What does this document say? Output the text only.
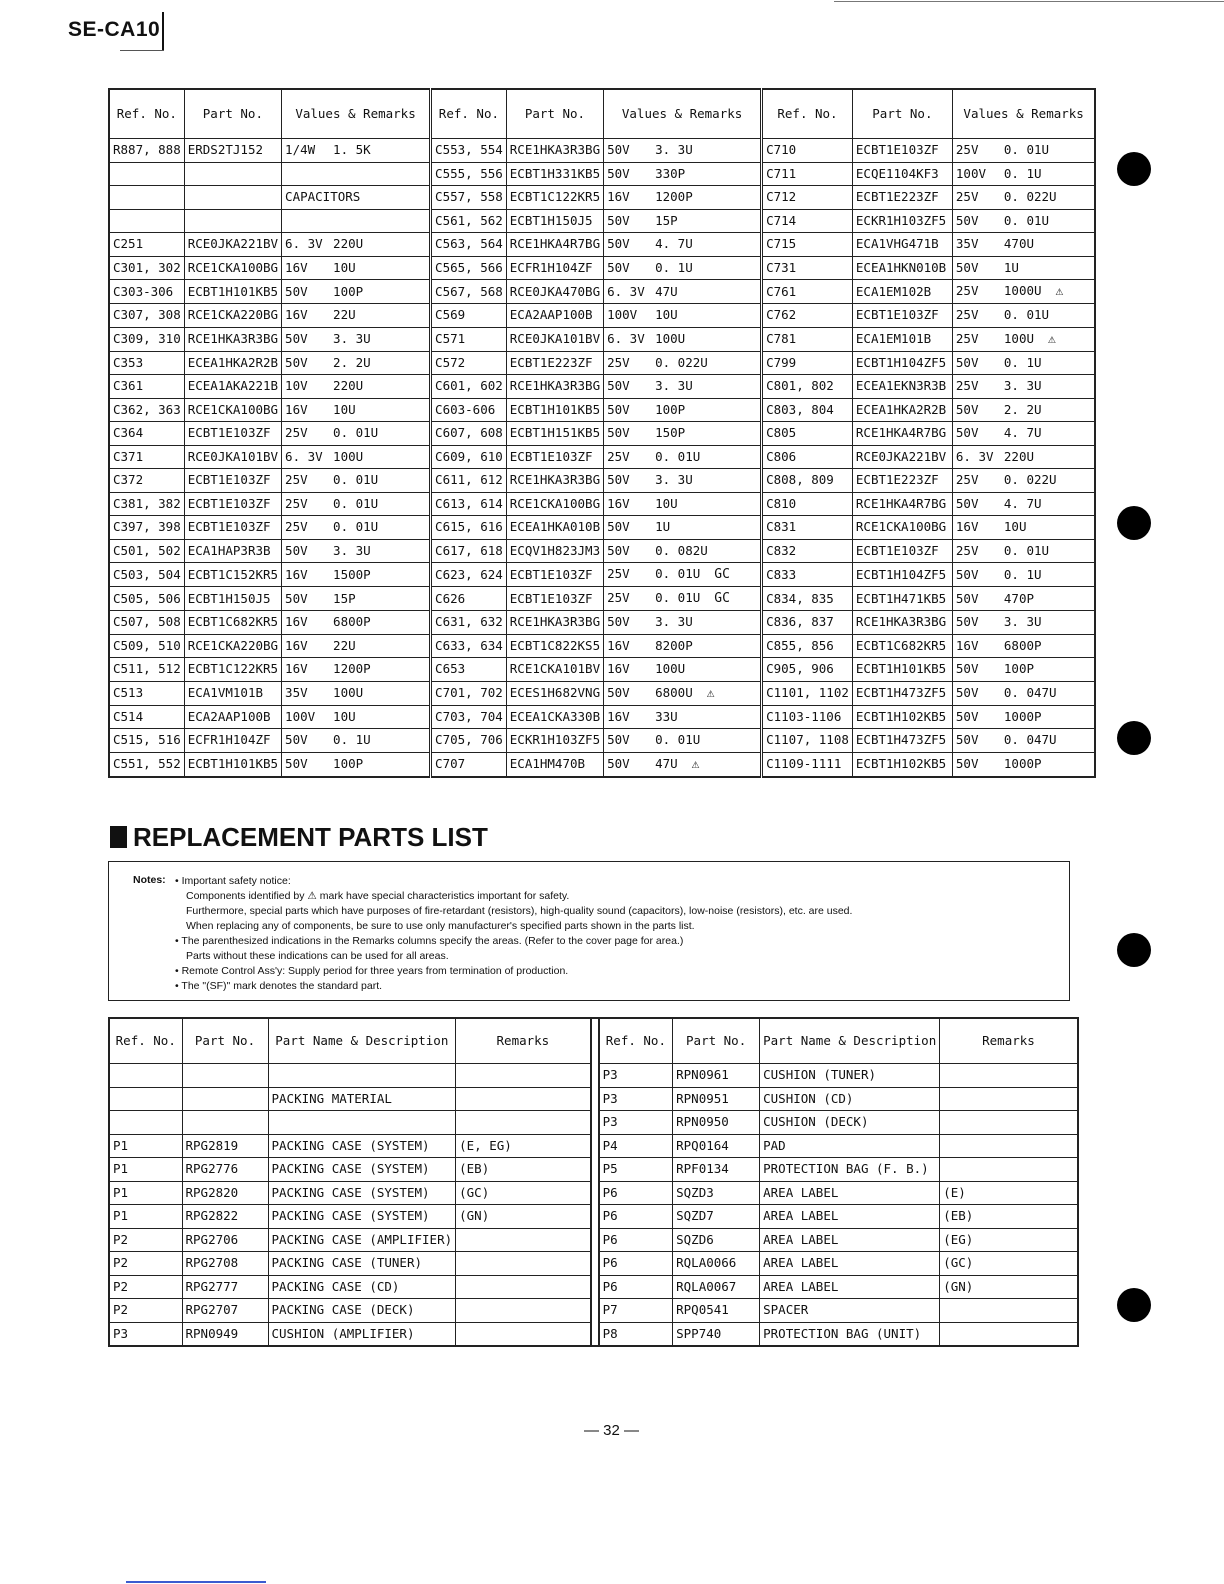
SE-CA10
Ref. No.	Part No.	Values & Remarks	Ref. No.	Part No.	Values & Remarks	Ref. No.	Part No.	Values & Remarks
R887, 888	ERDS2TJ152	1/4W 1. 5K	C553, 554	RCE1HKA3R3BG	50V 3. 3U	C710	ECBT1E103ZF	25V 0. 01U
			C555, 556	ECBT1H331KB5	50V 330P	C711	ECQE1104KF3	100V 0. 1U
		CAPACITORS	C557, 558	ECBT1C122KR5	16V 1200P	C712	ECBT1E223ZF	25V 0. 022U
			C561, 562	ECBT1H150J5	50V 15P	C714	ECKR1H103ZF5	50V 0. 01U
C251	RCE0JKA221BV	6. 3V 220U	C563, 564	RCE1HKA4R7BG	50V 4. 7U	C715	ECA1VHG471B	35V 470U
C301, 302	RCE1CKA100BG	16V 10U	C565, 566	ECFR1H104ZF	50V 0. 1U	C731	ECEA1HKN010B	50V 1U
C303-306	ECBT1H101KB5	50V 100P	C567, 568	RCE0JKA470BG	6. 3V 47U	C761	ECA1EM102B	25V 1000U ⚠
C307, 308	RCE1CKA220BG	16V 22U	C569	ECA2AAP100B	100V 10U	C762	ECBT1E103ZF	25V 0. 01U
C309, 310	RCE1HKA3R3BG	50V 3. 3U	C571	RCE0JKA101BV	6. 3V 100U	C781	ECA1EM101B	25V 100U ⚠
C353	ECEA1HKA2R2B	50V 2. 2U	C572	ECBT1E223ZF	25V 0. 022U	C799	ECBT1H104ZF5	50V 0. 1U
C361	ECEA1AKA221B	10V 220U	C601, 602	RCE1HKA3R3BG	50V 3. 3U	C801, 802	ECEA1EKN3R3B	25V 3. 3U
C362, 363	RCE1CKA100BG	16V 10U	C603-606	ECBT1H101KB5	50V 100P	C803, 804	ECEA1HKA2R2B	50V 2. 2U
C364	ECBT1E103ZF	25V 0. 01U	C607, 608	ECBT1H151KB5	50V 150P	C805	RCE1HKA4R7BG	50V 4. 7U
C371	RCE0JKA101BV	6. 3V 100U	C609, 610	ECBT1E103ZF	25V 0. 01U	C806	RCE0JKA221BV	6. 3V 220U
C372	ECBT1E103ZF	25V 0. 01U	C611, 612	RCE1HKA3R3BG	50V 3. 3U	C808, 809	ECBT1E223ZF	25V 0. 022U
C381, 382	ECBT1E103ZF	25V 0. 01U	C613, 614	RCE1CKA100BG	16V 10U	C810	RCE1HKA4R7BG	50V 4. 7U
C397, 398	ECBT1E103ZF	25V 0. 01U	C615, 616	ECEA1HKA010B	50V 1U	C831	RCE1CKA100BG	16V 10U
C501, 502	ECA1HAP3R3B	50V 3. 3U	C617, 618	ECQV1H823JM3	50V 0. 082U	C832	ECBT1E103ZF	25V 0. 01U
C503, 504	ECBT1C152KR5	16V 1500P	C623, 624	ECBT1E103ZF	25V 0. 01U GC	C833	ECBT1H104ZF5	50V 0. 1U
C505, 506	ECBT1H150J5	50V 15P	C626	ECBT1E103ZF	25V 0. 01U GC	C834, 835	ECBT1H471KB5	50V 470P
C507, 508	ECBT1C682KR5	16V 6800P	C631, 632	RCE1HKA3R3BG	50V 3. 3U	C836, 837	RCE1HKA3R3BG	50V 3. 3U
C509, 510	RCE1CKA220BG	16V 22U	C633, 634	ECBT1C822KS5	16V 8200P	C855, 856	ECBT1C682KR5	16V 6800P
C511, 512	ECBT1C122KR5	16V 1200P	C653	RCE1CKA101BV	16V 100U	C905, 906	ECBT1H101KB5	50V 100P
C513	ECA1VM101B	35V 100U	C701, 702	ECES1H682VNG	50V 6800U ⚠	C1101, 1102	ECBT1H473ZF5	50V 0. 047U
C514	ECA2AAP100B	100V 10U	C703, 704	ECEA1CKA330B	16V 33U	C1103-1106	ECBT1H102KB5	50V 1000P
C515, 516	ECFR1H104ZF	50V 0. 1U	C705, 706	ECKR1H103ZF5	50V 0. 01U	C1107, 1108	ECBT1H473ZF5	50V 0. 047U
C551, 552	ECBT1H101KB5	50V 100P	C707	ECA1HM470B	50V 47U ⚠	C1109-1111	ECBT1H102KB5	50V 1000P
REPLACEMENT PARTS LIST
Notes: • Important safety notice:
Components identified by ⚠ mark have special characteristics important for safety.
Furthermore, special parts which have purposes of fire-retardant (resistors), high-quality sound (capacitors), low-noise (resistors), etc. are used.
When replacing any of components, be sure to use only manufacturer's specified parts shown in the parts list.
• The parenthesized indications in the Remarks columns specify the areas. (Refer to the cover page for area.)
Parts without these indications can be used for all areas.
• Remote Control Ass'y: Supply period for three years from termination of production.
• The "(SF)" mark denotes the standard part.
Ref. No.	Part No.	Part Name & Description	Remarks		Ref. No.	Part No.	Part Name & Description	Remarks
					P3	RPN0961	CUSHION (TUNER)	
		PACKING MATERIAL			P3	RPN0951	CUSHION (CD)	
					P3	RPN0950	CUSHION (DECK)	
P1	RPG2819	PACKING CASE (SYSTEM)	(E, EG)		P4	RPQ0164	PAD	
P1	RPG2776	PACKING CASE (SYSTEM)	(EB)		P5	RPF0134	PROTECTION BAG (F. B.)	
P1	RPG2820	PACKING CASE (SYSTEM)	(GC)		P6	SQZD3	AREA LABEL	(E)
P1	RPG2822	PACKING CASE (SYSTEM)	(GN)		P6	SQZD7	AREA LABEL	(EB)
P2	RPG2706	PACKING CASE (AMPLIFIER)			P6	SQZD6	AREA LABEL	(EG)
P2	RPG2708	PACKING CASE (TUNER)			P6	RQLA0066	AREA LABEL	(GC)
P2	RPG2777	PACKING CASE (CD)			P6	RQLA0067	AREA LABEL	(GN)
P2	RPG2707	PACKING CASE (DECK)			P7	RPQ0541	SPACER	
P3	RPN0949	CUSHION (AMPLIFIER)			P8	SPP740	PROTECTION BAG (UNIT)	
— 32 —
